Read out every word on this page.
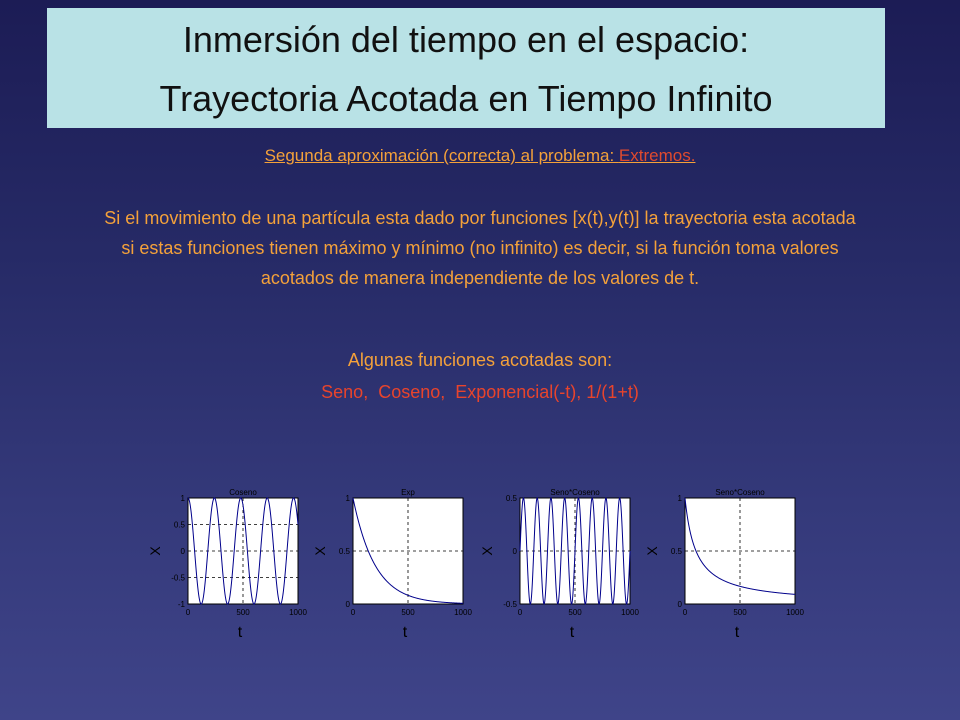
Inmersión del tiempo en el espacio:
Trayectoria Acotada en Tiempo Infinito
Segunda aproximación (correcta) al problema: Extremos.
Si el movimiento de una partícula esta dado por funciones [x(t),y(t)] la trayectoria esta acotada si estas funciones tienen máximo y mínimo (no infinito) es decir, si la función toma valores acotados de manera independiente de los valores de t.
Algunas funciones acotadas son:
Seno,  Coseno,  Exponencial(-t), 1/(1+t)
0	500	1000
-1
-0.5
0
0.5
1
Coseno
t
X
0	500	1000
0
0.5
1
Exp
t
X
0	500	1000
-0.5
0
0.5
Seno*Coseno
t
X
0	500	1000
0
0.5
1
Seno*Coseno
t
X
